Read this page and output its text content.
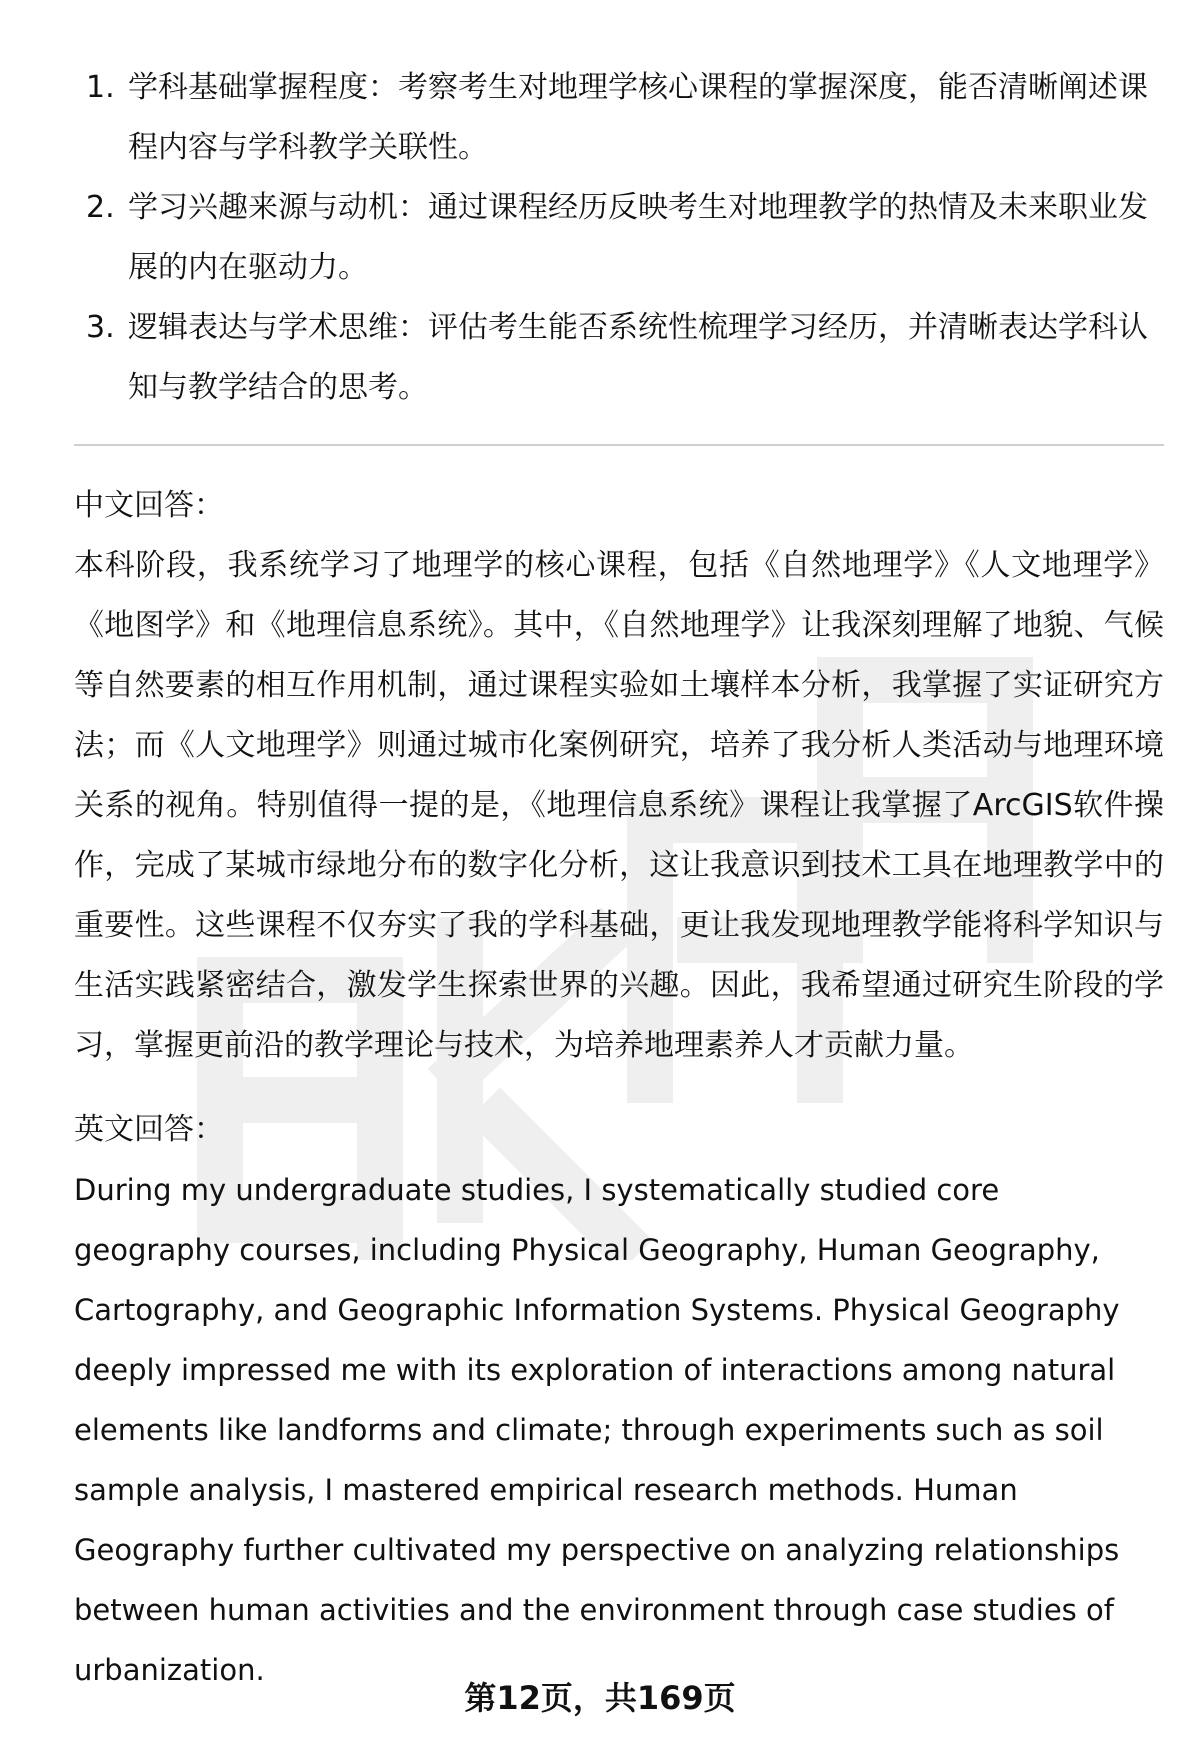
1. 学科基础掌握程度：考察考生对地理学核心课程的掌握深度，能否清晰阐述课程内容与学科教学关联性。
2. 学习兴趣来源与动机：通过课程经历反映考生对地理教学的热情及未来职业发展的内在驱动力。
3. 逻辑表达与学术思维：评估考生能否系统性梳理学习经历，并清晰表达学科认知与教学结合的思考。

中文回答：

本科阶段，我系统学习了地理学的核心课程，包括《自然地理学》《人文地理学》《地图学》和《地理信息系统》。其中，《自然地理学》让我深刻理解了地貌、气候等自然要素的相互作用机制，通过课程实验如土壤样本分析，我掌握了实证研究方法；而《人文地理学》则通过城市化案例研究，培养了我分析人类活动与地理环境关系的视角。特别值得一提的是，《地理信息系统》课程让我掌握了ArcGIS软件操作，完成了某城市绿地分布的数字化分析，这让我意识到技术工具在地理教学中的重要性。这些课程不仅夯实了我的学科基础，更让我发现地理教学能将科学知识与生活实践紧密结合，激发学生探索世界的兴趣。因此，我希望通过研究生阶段的学习，掌握更前沿的教学理论与技术，为培养地理素养人才贡献力量。

英文回答：

During my undergraduate studies, I systematically studied core geography courses, including Physical Geography, Human Geography, Cartography, and Geographic Information Systems. Physical Geography deeply impressed me with its exploration of interactions among natural elements like landforms and climate; through experiments such as soil sample analysis, I mastered empirical research methods. Human Geography further cultivated my perspective on analyzing relationships between human activities and the environment through case studies of urbanization.

第12页，共169页
